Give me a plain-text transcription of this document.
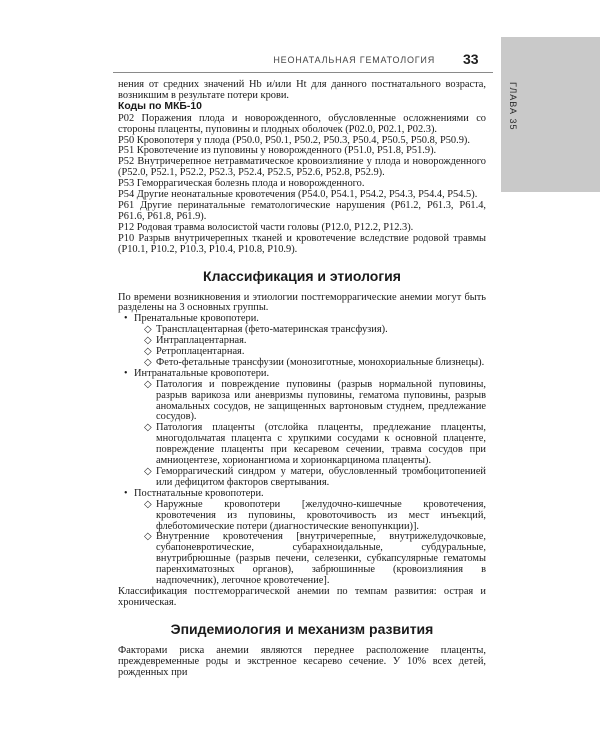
ГЛАВА 35
НЕОНАТАЛЬНАЯ ГЕМАТОЛОГИЯ 33

нения от средних значений Hb и/или Ht для данного постнатального возраста, возникшим в результате потери крови.

Коды по МКБ-10

P02 Поражения плода и новорожденного, обусловленные осложнениями со стороны плаценты, пуповины и плодных оболочек (P02.0, P02.1, P02.3).

P50 Кровопотеря у плода (P50.0, P50.1, P50.2, P50.3, P50.4, P50.5, P50.8, P50.9).

P51 Кровотечение из пуповины у новорожденного (P51.0, P51.8, P51.9).

P52 Внутричерепное нетравматическое кровоизлияние у плода и новорожденного (P52.0, P52.1, P52.2, P52.3, P52.4, P52.5, P52.6, P52.8, P52.9).

P53 Геморрагическая болезнь плода и новорожденного.

P54 Другие неонатальные кровотечения (P54.0, P54.1, P54.2, P54.3, P54.4, P54.5).

P61 Другие перинатальные гематологические нарушения (P61.2, P61.3, P61.4, P61.6, P61.8, P61.9).

P12 Родовая травма волосистой части головы (P12.0, P12.2, P12.3).

P10 Разрыв внутричерепных тканей и кровотечение вследствие родовой травмы (P10.1, P10.2, P10.3, P10.4, P10.8, P10.9).

Классификация и этиология

По времени возникновения и этиологии постгеморрагические анемии могут быть разделены на 3 основных группы.

• Пренатальные кровопотери.
◇ Трансплацентарная (фето-материнская трансфузия).
◇ Интраплацентарная.
◇ Ретроплацентарная.
◇ Фето-фетальные трансфузии (монозиготные, монохориальные близнецы).
• Интранатальные кровопотери.
◇ Патология и повреждение пуповины (разрыв нормальной пуповины, разрыв варикоза или аневризмы пуповины, гематома пуповины, разрыв аномальных сосудов, не защищенных вартоновым студнем, предлежание сосудов).
◇ Патология плаценты (отслойка плаценты, предлежание плаценты, многодольчатая плацента с хрупкими сосудами к основной плаценте, повреждение плаценты при кесаревом сечении, травма сосудов при амниоцентезе, хорионангиома и хорионкарцинома плаценты).
◇ Геморрагический синдром у матери, обусловленный тромбоцитопенией или дефицитом факторов свертывания.
• Постнатальные кровопотери.
◇ Наружные кровопотери [желудочно-кишечные кровотечения, кровотечения из пуповины, кровоточивость из мест инъекций, флеботомические потери (диагностические венопункции)].
◇ Внутренние кровотечения [внутричерепные, внутрижелудочковые, субапоневротические, субарахноидальные, субдуральные, внутрибрюшные (разрыв печени, селезенки, субкапсулярные гематомы паренхиматозных органов), забрюшинные (кровоизлияния в надпочечник), легочное кровотечение].

Классификация постгеморрагической анемии по темпам развития: острая и хроническая.

Эпидемиология и механизм развития

Факторами риска анемии являются переднее расположение плаценты, преждевременные роды и экстренное кесарево сечение. У 10% всех детей, рожденных при
